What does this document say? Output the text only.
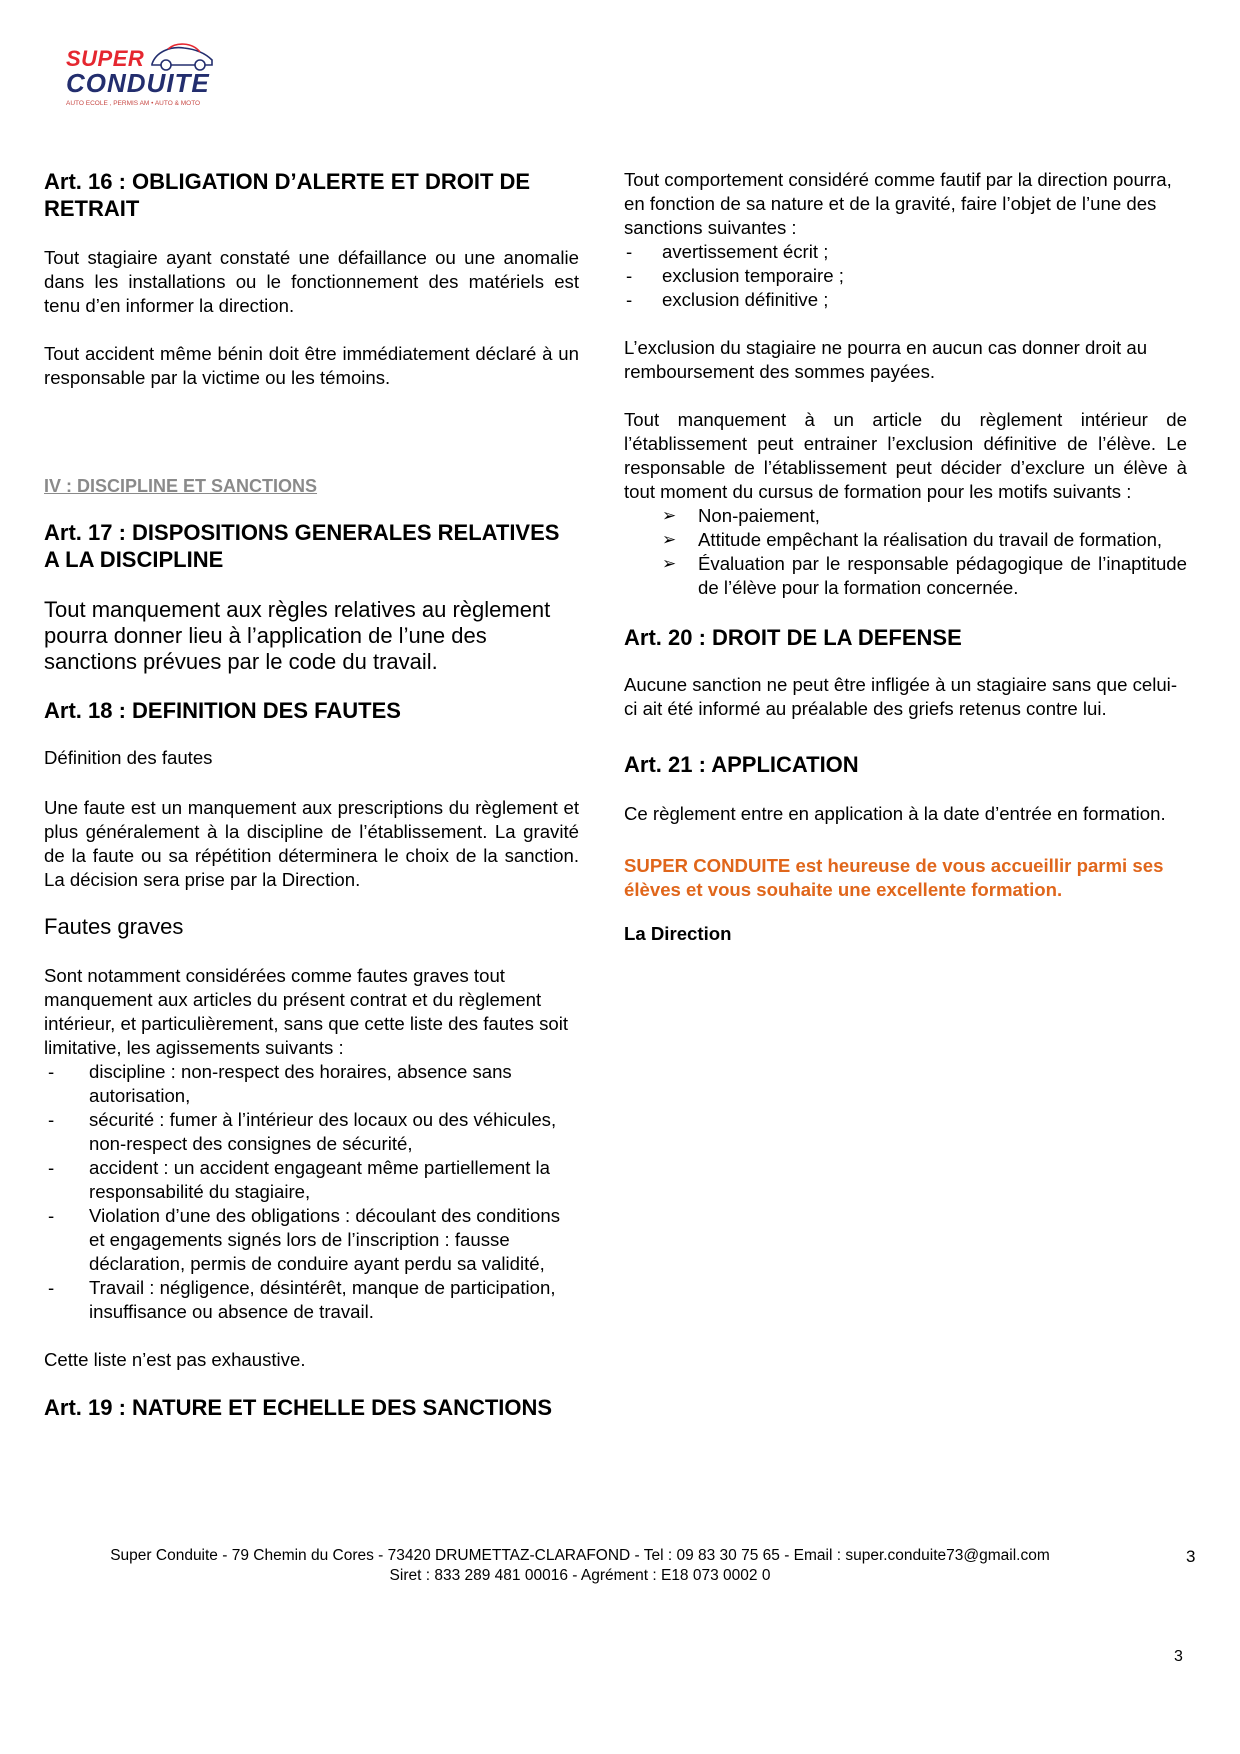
SUPER
CONDUITE
AUTO ECOLE , PERMIS AM • AUTO & MOTO
Art. 16 : OBLIGATION D’ALERTE ET DROIT DE RETRAIT

Tout stagiaire ayant constaté une défaillance ou une anomalie dans les installations ou le fonctionnement des matériels est tenu d’en informer la direction.

Tout accident même bénin doit être immédiatement déclaré à un responsable par la victime ou les témoins.

IV : DISCIPLINE ET SANCTIONS
Art. 17 : DISPOSITIONS GENERALES RELATIVES A LA DISCIPLINE

Tout manquement aux règles relatives au règlement pourra donner lieu à l’application de l’une des sanctions prévues par le code du travail.

Art. 18 : DEFINITION DES FAUTES

Définition des fautes

Une faute est un manquement aux prescriptions du règlement et plus généralement à la discipline de l’établissement. La gravité de la faute ou sa répétition déterminera le choix de la sanction. La décision sera prise par la Direction.

Fautes graves

Sont notamment considérées comme fautes graves tout manquement aux articles du présent contrat et du règlement intérieur, et particulièrement, sans que cette liste des fautes soit limitative, les agissements suivants :

- discipline : non-respect des horaires, absence sans autorisation,
- sécurité : fumer à l’intérieur des locaux ou des véhicules, non-respect des consignes de sécurité,
- accident : un accident engageant même partiellement la responsabilité du stagiaire,
- Violation d’une des obligations : découlant des conditions et engagements signés lors de l’inscription : fausse déclaration, permis de conduire ayant perdu sa validité,
- Travail : négligence, désintérêt, manque de participation, insuffisance ou absence de travail.

Cette liste n’est pas exhaustive.

Art. 19 : NATURE ET ECHELLE DES SANCTIONS

Tout comportement considéré comme fautif par la direction pourra, en fonction de sa nature et de la gravité, faire l’objet de l’une des sanctions suivantes :

- avertissement écrit ;
- exclusion temporaire ;
- exclusion définitive ;

L’exclusion du stagiaire ne pourra en aucun cas donner droit au remboursement des sommes payées.

Tout manquement à un article du règlement intérieur de l’établissement peut entrainer l’exclusion définitive de l’élève. Le responsable de l’établissement peut décider d’exclure un élève à tout moment du cursus de formation pour les motifs suivants :

➢ Non-paiement,
➢ Attitude empêchant la réalisation du travail de formation,
➢ Évaluation par le responsable pédagogique de l’inaptitude de l’élève pour la formation concernée.
Art. 20 : DROIT DE LA DEFENSE

Aucune sanction ne peut être infligée à un stagiaire sans que celui-ci ait été informé au préalable des griefs retenus contre lui.

Art. 21 : APPLICATION

Ce règlement entre en application à la date d’entrée en formation.

SUPER CONDUITE est heureuse de vous accueillir parmi ses élèves et vous souhaite une excellente formation.

La Direction

Super Conduite - 79 Chemin du Cores - 73420 DRUMETTAZ-CLARAFOND - Tel : 09 83 30 75 65 - Email : super.conduite73@gmail.com
Siret : 833 289 481 00016 - Agrément : E18 073 0002 0
3
3
